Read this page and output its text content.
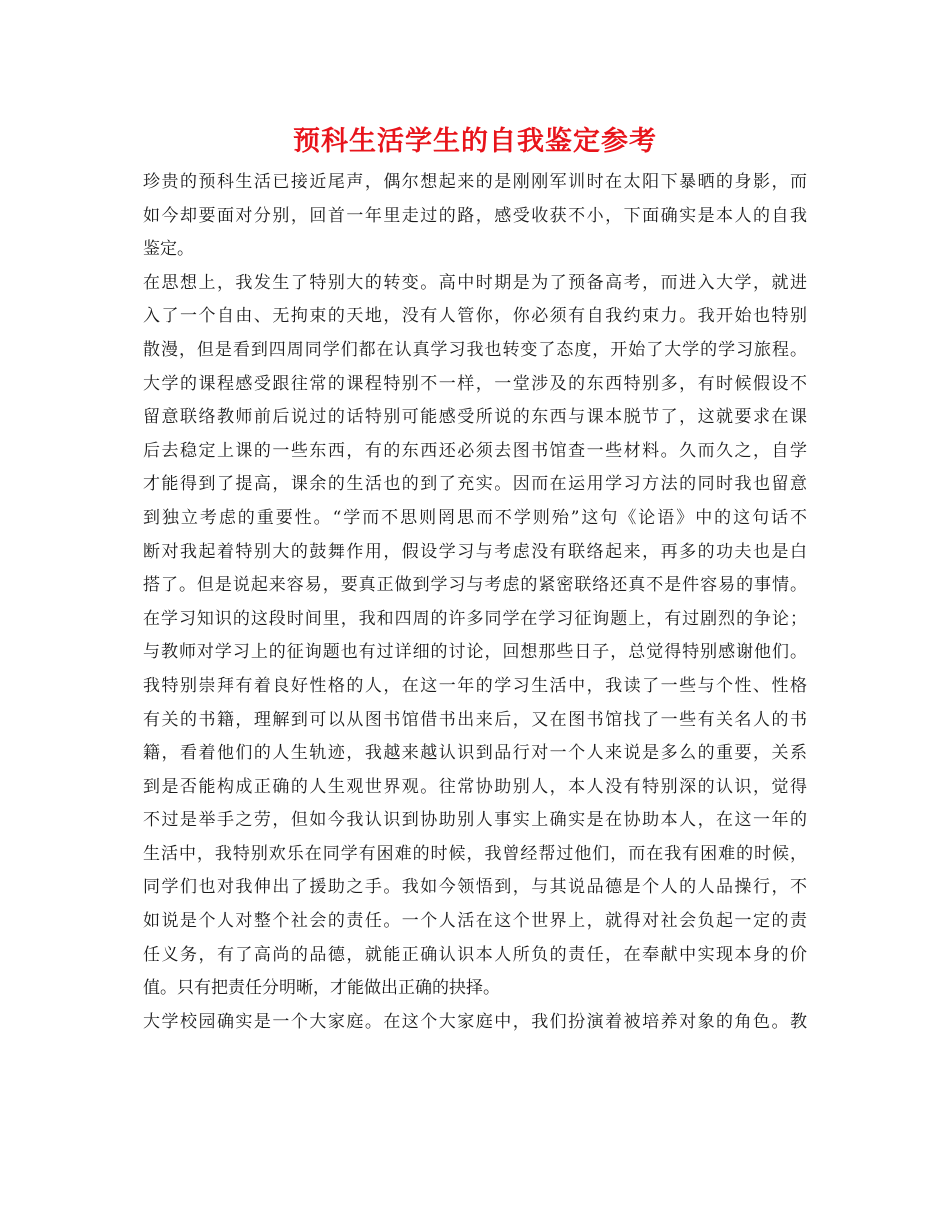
预科生活学生的自我鉴定参考
珍贵的预科生活已接近尾声，偶尔想起来的是刚刚军训时在太阳下暴晒的身影，而
如今却要面对分别，回首一年里走过的路，感受收获不小，下面确实是本人的自我
鉴定。
在思想上，我发生了特别大的转变。高中时期是为了预备高考，而进入大学，就进
入了一个自由、无拘束的天地，没有人管你，你必须有自我约束力。我开始也特别
散漫，但是看到四周同学们都在认真学习我也转变了态度，开始了大学的学习旅程。
大学的课程感受跟往常的课程特别不一样，一堂涉及的东西特别多，有时候假设不
留意联络教师前后说过的话特别可能感受所说的东西与课本脱节了，这就要求在课
后去稳定上课的一些东西，有的东西还必须去图书馆查一些材料。久而久之，自学
才能得到了提高，课余的生活也的到了充实。因而在运用学习方法的同时我也留意
到独立考虑的重要性。“学而不思则罔思而不学则殆”这句《论语》中的这句话不
断对我起着特别大的鼓舞作用，假设学习与考虑没有联络起来，再多的功夫也是白
搭了。但是说起来容易，要真正做到学习与考虑的紧密联络还真不是件容易的事情。
在学习知识的这段时间里，我和四周的许多同学在学习征询题上，有过剧烈的争论；
与教师对学习上的征询题也有过详细的讨论，回想那些日子，总觉得特别感谢他们。
我特别崇拜有着良好性格的人，在这一年的学习生活中，我读了一些与个性、性格
有关的书籍，理解到可以从图书馆借书出来后，又在图书馆找了一些有关名人的书
籍，看着他们的人生轨迹，我越来越认识到品行对一个人来说是多么的重要，关系
到是否能构成正确的人生观世界观。往常协助别人，本人没有特别深的认识，觉得
不过是举手之劳，但如今我认识到协助别人事实上确实是在协助本人，在这一年的
生活中，我特别欢乐在同学有困难的时候，我曾经帮过他们，而在我有困难的时候，
同学们也对我伸出了援助之手。我如今领悟到，与其说品德是个人的人品操行，不
如说是个人对整个社会的责任。一个人活在这个世界上，就得对社会负起一定的责
任义务，有了高尚的品德，就能正确认识本人所负的责任，在奉献中实现本身的价
值。只有把责任分明晰，才能做出正确的抉择。
大学校园确实是一个大家庭。在这个大家庭中，我们扮演着被培养对象的角色。教
